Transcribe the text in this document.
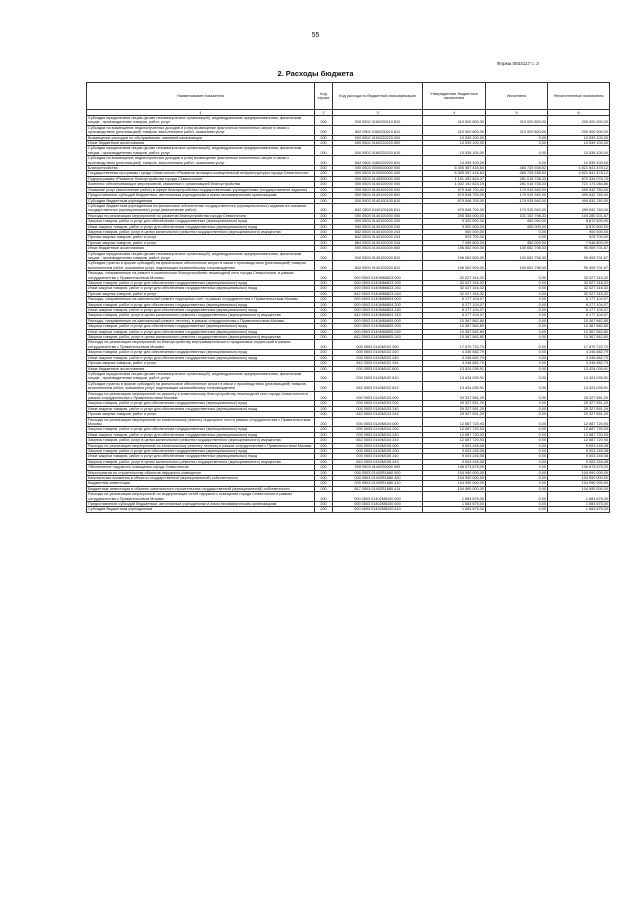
55
Форма 0503117 с. 2
2. Расходы бюджета
Наименование показателя	Код строки	Код расхода по бюджетной классификации	Утвержденные бюджетные назначения	Исполнено	Неисполненные назначения
1	2	3	4	5	6
Субсидии юридическим лицам (кроме некоммерческих организаций), индивидуальным предпринимателям, физическим лицам - производителям товаров, работ, услуг	200	000 0502 0160200210 810	410 920 800,00	210 920 800,00	200 000 000,00
Субсидии на возмещение недополученных доходов и (или) возмещение фактически понесенных затрат в связи с производством (реализацией) товаров, выполнением работ, оказанием услуг	200	842 0502 0160200210 811	410 920 800,00	210 920 800,00	200 000 000,00
Возмещение расходов по обслуживанию ливневой канализации	200	000 0502 0160220220 000	10 539 100,00	0,00	10 539 100,00
Иные бюджетные ассигнования	200	000 0502 0160220220 800	10 539 100,00	0,00	10 539 100,00
Субсидии юридическим лицам (кроме некоммерческих организаций), индивидуальным предпринимателям, физическим лицам - производителям товаров, работ, услуг	200	000 0502 0160220220 810	10 539 100,00	0,00	10 539 100,00
Субсидии на возмещение недополученных доходов и (или) возмещение фактически понесенных затрат в связи с производством (реализацией) товаров, выполнением работ, оказанием услуг	200	842 0502 0160220220 811	10 539 100,00	0,00	10 539 100,00
Благоустройство	200	000 0503 0000000000 000	5 305 367 416,64	483 725 938,52	4 821 641 478,12
Государственная программа города Севастополя «Развитие жилищно-коммунальной инфраструктуры города Севастополя»	200	000 0503 0100000000 000	5 305 367 416,64	483 725 938,52	4 821 641 478,12
Подпрограмма «Развитие благоустройства города Севастополя»	200	000 0503 0140000000 000	1 151 452 815,07	281 018 738,33	870 434 076,74
Комплекс обеспечивающих мероприятий, связанных с организацией благоустройства	200	000 0503 0140100000 000	1 002 192 823,19	281 018 738,33	721 174 084,86
Оказание услуг (выполнение работ) в сфере благоустройства государственными учреждениями (государственное задание)	200	000 0503 0140100100 000	679 548 700,00	179 915 940,00	499 632 760,00
Предоставление субсидий бюджетным, автономным учреждениям и иным некоммерческим организациям	200	000 0503 0140100100 600	679 548 700,00	179 915 940,00	499 632 760,00
Субсидии бюджетным учреждениям	200	000 0503 0140100100 610	679 548 700,00	179 915 940,00	499 632 760,00
Субсидии бюджетным учреждениям на финансовое обеспечение государственного (муниципального) задания на оказание государственных (муниципальных) услуг (выполнение работ)	200	842 0503 0140100100 611	679 548 700,00	179 915 940,00	499 632 760,00
Расходы на реализацию мероприятий по развитию благоустройства города Севастополя	200	000 0503 0140100200 000	205 383 000,00	101 102 798,33	104 280 201,67
Закупка товаров, работ и услуг для обеспечения государственных (муниципальных) нужд	200	000 0503 0140100200 200	9 320 500,00	450 000,00	8 870 500,00
Иные закупки товаров, работ и услуг для обеспечения государственных (муниципальных) нужд	200	000 0503 0140100200 240	9 320 500,00	450 000,00	8 870 500,00
Закупка товаров, работ, услуг в целях капитального ремонта государственного (муниципального) имущества	200	842 0503 0140100200 243	900 000,00	0,00	900 000,00
Прочая закупка товаров, работ и услуг	200	842 0503 0140100200 244	923 700,00	0,00	923 700,00
Прочая закупка товаров, работ и услуг	200	864 0503 0140100200 244	7 496 800,00	450 000,00	7 046 800,00
Иные бюджетные ассигнования	200	000 0503 0140100200 800	196 062 500,00	100 652 798,33	95 409 701,67
Субсидии юридическим лицам (кроме некоммерческих организаций), индивидуальным предпринимателям, физическим лицам - производителям товаров, работ, услуг	200	000 0503 0140100200 810	196 062 500,00	100 652 798,33	95 409 701,67
Субсидии (гранты в форме субсидий) на финансовое обеспечение затрат в связи с производством (реализацией) товаров, выполнением работ, оказанием услуг, подлежащие казначейскому сопровождению	200	842 0503 0140100200 812	196 062 500,00	100 652 798,33	95 409 701,67
Расходы, направленные на ремонт и комплексное благоустройство пешеходной сети города Севастополя, в рамках сотрудничества с Правительством Москвы	200	000 0503 0140M66823 000	32 027 316,32	0,00	32 027 316,32
Закупка товаров, работ и услуг для обеспечения государственных (муниципальных) нужд	200	000 0503 0140M66823 200	32 027 316,32	0,00	32 027 316,32
Иные закупки товаров, работ и услуг для обеспечения государственных (муниципальных) нужд	200	000 0503 0140M66823 240	32 027 316,32	0,00	32 027 316,32
Прочая закупка товаров, работ и услуг	200	842 0503 0140M66823 244	32 027 316,32	0,00	32 027 316,32
Расходы, направленные на капитальный ремонт подпорных стен, в рамках сотрудничества с Правительством Москвы	200	000 0503 0140M66804 000	6 177 104,07	0,00	6 177 104,07
Закупка товаров, работ и услуг для обеспечения государственных (муниципальных) нужд	200	000 0503 0140M66804 200	6 177 104,07	0,00	6 177 104,07
Иные закупки товаров, работ и услуг для обеспечения государственных (муниципальных) нужд	200	000 0503 0140M66804 240	6 177 104,07	0,00	6 177 104,07
Закупка товаров, работ, услуг в целях капитального ремонта государственного (муниципального) имущества	200	842 0503 0140M66804 243	6 177 104,07	0,00	6 177 104,07
Расходы, направленные на капитальный ремонт лестниц, в рамках сотрудничества с Правительством Москвы	200	000 0503 0140M66805 000	10 367 562,80	0,00	10 367 562,80
Закупка товаров, работ и услуг для обеспечения государственных (муниципальных) нужд	200	000 0503 0140M66805 200	10 367 562,80	0,00	10 367 562,80
Иные закупки товаров, работ и услуг для обеспечения государственных (муниципальных) нужд	200	000 0503 0140M66805 240	10 367 562,80	0,00	10 367 562,80
Закупка товаров, работ, услуг в целях капитального ремонта государственного (муниципального) имущества	200	842 0503 0140M66805 243	10 367 562,80	0,00	10 367 562,80
Расходы на реализацию мероприятий по благоустройству внутриквартальных и придомовых территорий в рамках сотрудничества с Правительством Москвы	200	000 0503 0140M102 000	17 670 722,70	0,00	17 670 722,70
Закупка товаров, работ и услуг для обеспечения государственных (муниципальных) нужд	200	000 0503 0140M102 200	4 246 682,79	0,00	4 246 682,79
Иные закупки товаров, работ и услуг для обеспечения государственных (муниципальных) нужд	200	000 0503 0140M102 240	4 246 682,79	0,00	4 246 682,79
Прочая закупка товаров, работ и услуг	200	842 0503 0140M102 244	4 246 682,79	0,00	4 246 682,79
Иные бюджетные ассигнования	200	000 0503 0140M102 800	13 424 039,91	0,00	13 424 039,91
Субсидии юридическим лицам (кроме некоммерческих организаций), индивидуальным предпринимателям, физическим лицам - производителям товаров, работ, услуг	200	000 0503 0140M102 810	13 424 039,91	0,00	13 424 039,91
Субсидии (гранты в форме субсидий) на финансовое обеспечение затрат в связи с производством (реализацией) товаров, выполнением работ, оказанием услуг, подлежащие казначейскому сопровождению	200	842 0503 0140M102 812	13 424 039,91	0,00	13 424 039,91
Расходы на реализацию мероприятий по ремонту и комплексному благоустройству пешеходной сети города Севастополя в рамках сотрудничества с Правительством Москвы	200	000 0503 0140M103 000	29 327 551,29	0,00	29 327 551,29
Закупка товаров, работ и услуг для обеспечения государственных (муниципальных) нужд	200	000 0503 0140M103 200	29 327 551,29	0,00	29 327 551,29
Иные закупки товаров, работ и услуг для обеспечения государственных (муниципальных) нужд	200	000 0503 0140M103 240	29 327 551,29	0,00	29 327 551,29
Прочая закупка товаров, работ и услуг	200	842 0503 0140M103 244	29 327 551,29	0,00	29 327 551,29
Расходы на реализацию мероприятий по капитальному ремонту подпорных стен в рамках сотрудничества с Правительством Москвы	200	000 0503 0140M104 000	12 687 720,93	0,00	12 687 720,93
Закупка товаров, работ и услуг для обеспечения государственных (муниципальных) нужд	200	000 0503 0140M104 200	12 687 720,93	0,00	12 687 720,93
Иные закупки товаров, работ и услуг для обеспечения государственных (муниципальных) нужд	200	000 0503 0140M104 240	12 687 720,93	0,00	12 687 720,93
Закупка товаров, работ, услуг в целях капитального ремонта государственного (муниципального) имущества	200	842 0503 0140M104 243	12 687 720,93	0,00	12 687 720,93
Расходы на реализацию мероприятий по капитальному ремонту лестниц в рамках сотрудничества с Правительством Москвы	200	000 0503 0140M105 000	9 003 245,08	0,00	9 003 245,08
Закупка товаров, работ и услуг для обеспечения государственных (муниципальных) нужд	200	000 0503 0140M105 200	9 003 245,08	0,00	9 003 245,08
Иные закупки товаров, работ и услуг для обеспечения государственных (муниципальных) нужд	200	000 0503 0140M105 240	9 003 245,08	0,00	9 003 245,08
Закупка товаров, работ, услуг в целях капитального ремонта государственного (муниципального) имущества	200	842 0503 0140M105 243	9 003 245,08	0,00	9 003 245,08
Обеспечение наружного освещения города Севастополя	200	000 0503 0140200000 000	106 673 675,00	0,00	106 673 675,00
Мероприятия по строительству объектов наружного освещения	200	000 0503 01402R1680 000	104 990 000,00	0,00	104 990 000,00
Капитальные вложения в объекты государственной (муниципальной) собственности	200	000 0503 01402R1680 400	104 990 000,00	0,00	104 990 000,00
Бюджетные инвестиции	200	000 0503 01402R1680 410	104 990 000,00	0,00	104 990 000,00
Бюджетные инвестиции в объекты капитального строительства государственной (муниципальной) собственности	200	817 0503 01402R1680 414	104 990 000,00	0,00	104 990 000,00
Расходы на реализацию мероприятий по модернизации сетей наружного освещения города Севастополя в рамках сотрудничества с Правительством Москвы	200	000 0503 01402M8100 000	1 683 675,00	0,00	1 683 675,00
Предоставление субсидий бюджетным, автономным учреждениям и иным некоммерческим организациям	200	000 0503 01402M8100 600	1 683 675,00	0,00	1 683 675,00
Субсидии бюджетным учреждениям	200	000 0503 01402M8100 610	1 683 675,00	0,00	1 683 675,00
